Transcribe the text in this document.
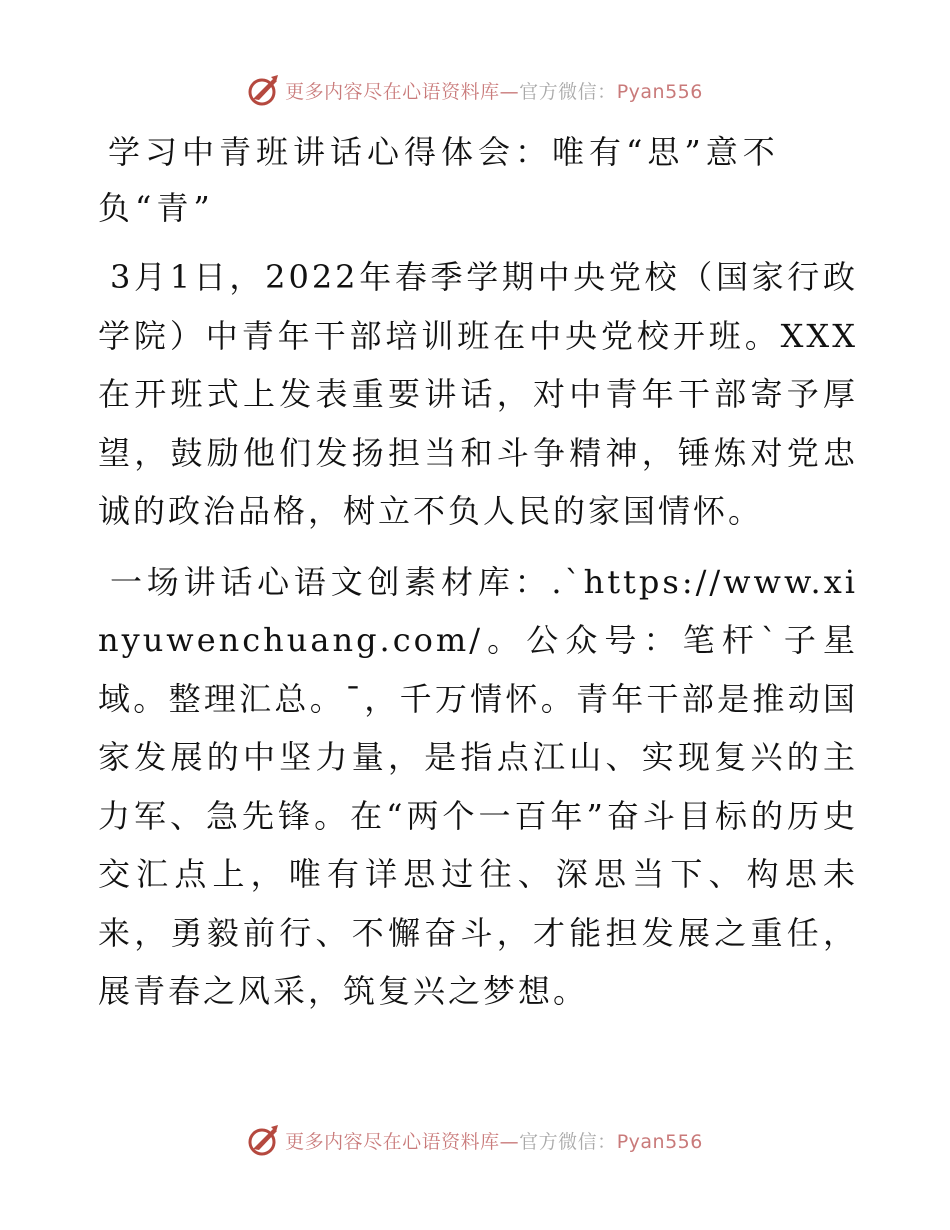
更多内容尽在心语资料库—官方微信：Pyan556
学习中青班讲话心得体会：唯有“思”意不负“青”

3月1日，2022年春季学期中央党校（国家行政学院）中青年干部培训班在中央党校开班。XXX在开班式上发表重要讲话，对中青年干部寄予厚望，鼓励他们发扬担当和斗争精神，锤炼对党忠诚的政治品格，树立不负人民的家国情怀。

一场讲话心语文创素材库：.`https://www.xinyuwenchuang.com/。公众号：笔杆`子星域。整理汇总。¯，千万情怀。青年干部是推动国家发展的中坚力量，是指点江山、实现复兴的主力军、急先锋。在“两个一百年”奋斗目标的历史交汇点上，唯有详思过往、深思当下、构思未来，勇毅前行、不懈奋斗，才能担发展之重任，展青春之风采，筑复兴之梦想。

更多内容尽在心语资料库—官方微信：Pyan556
